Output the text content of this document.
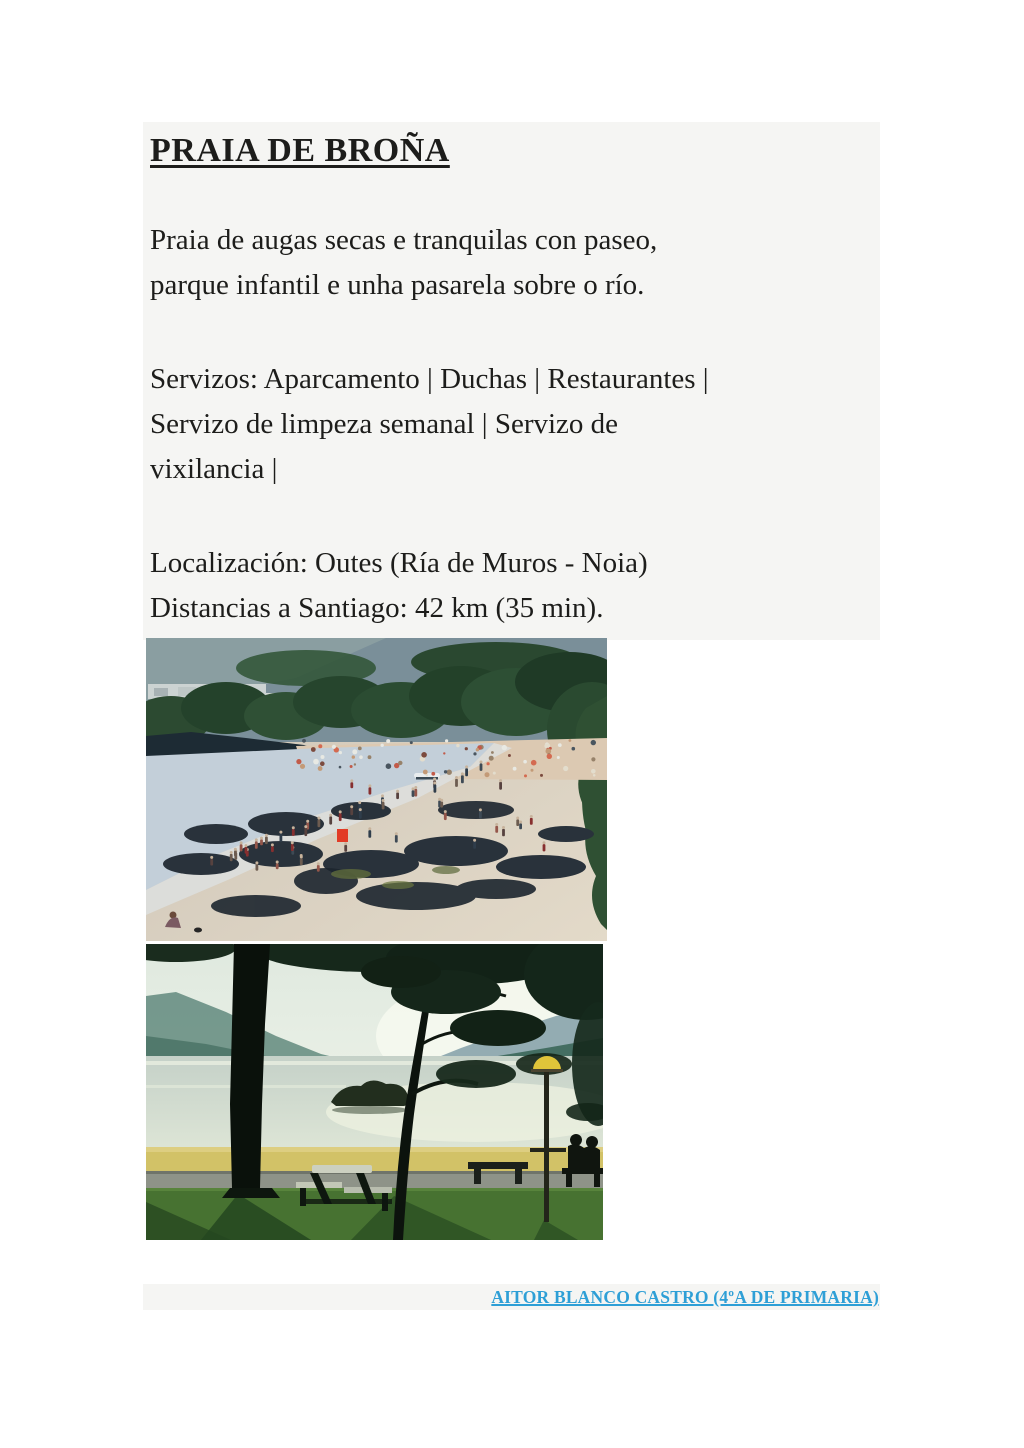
PRAIA DE BROÑA

Praia de augas secas e tranquilas con paseo,
parque infantil e unha pasarela sobre o río.

Servizos: Aparcamento | Duchas | Restaurantes |
Servizo de limpeza semanal | Servizo de
vixilancia |

Localización: Outes (Ría de Muros - Noia)
Distancias a Santiago: 42 km (35 min).

AITOR BLANCO CASTRO (4ºA DE PRIMARIA)
